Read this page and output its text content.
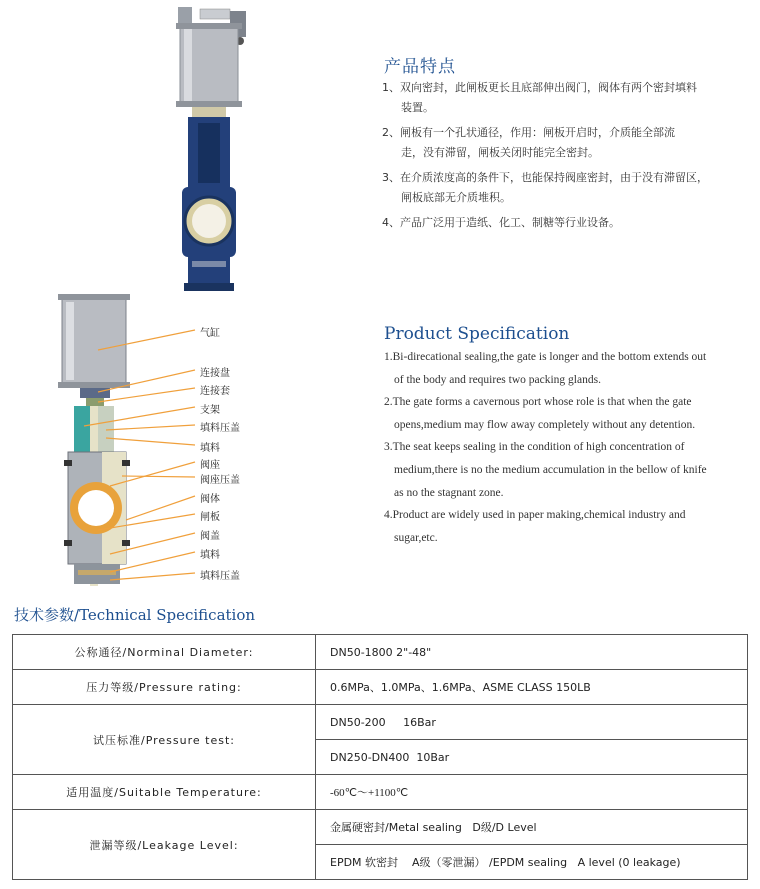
气缸
连接盘
连接套
支架
填料压盖
填料
阀座
阀座压盖
阀体
闸板
阀盖
填料
填料压盖
产品特点
1、双向密封，此闸板更长且底部伸出阀门，阀体有两个密封填料
装置。
2、闸板有一个孔状通径，作用：闸板开启时，介质能全部流
走，没有滞留，闸板关闭时能完全密封。
3、在介质浓度高的条件下，也能保持阀座密封，由于没有滞留区，
闸板底部无介质堆积。
4、产品广泛用于造纸、化工、制糖等行业设备。
Product Specification
1.Bi-direcational sealing,the gate is longer and the bottom extends out
of the body and requires two packing glands.
2.The gate forms a cavernous port whose role is that when the gate
opens,medium may flow away completely without any detention.
3.The seat keeps sealing in the condition of high concentration of
medium,there is no the medium accumulation in the bellow of knife
as no the stagnant zone.
4.Product are widely used in paper making,chemical industry and
sugar,etc.
技术参数/Technical Specification
公称通径/Norminal Diameter:	DN50-1800 2"-48"
压力等级/Pressure rating:	0.6MPa、1.0MPa、1.6MPa、ASME CLASS 150LB
试压标准/Pressure test:	DN50-200     16Bar
	DN250-DN400  10Bar
适用温度/Suitable Temperature:	-60℃～+1100℃
泄漏等级/Leakage Level:	金属硬密封/Metal sealing   D级/D Level
	EPDM 软密封    A级（零泄漏） /EPDM sealing   A level (0 leakage)
